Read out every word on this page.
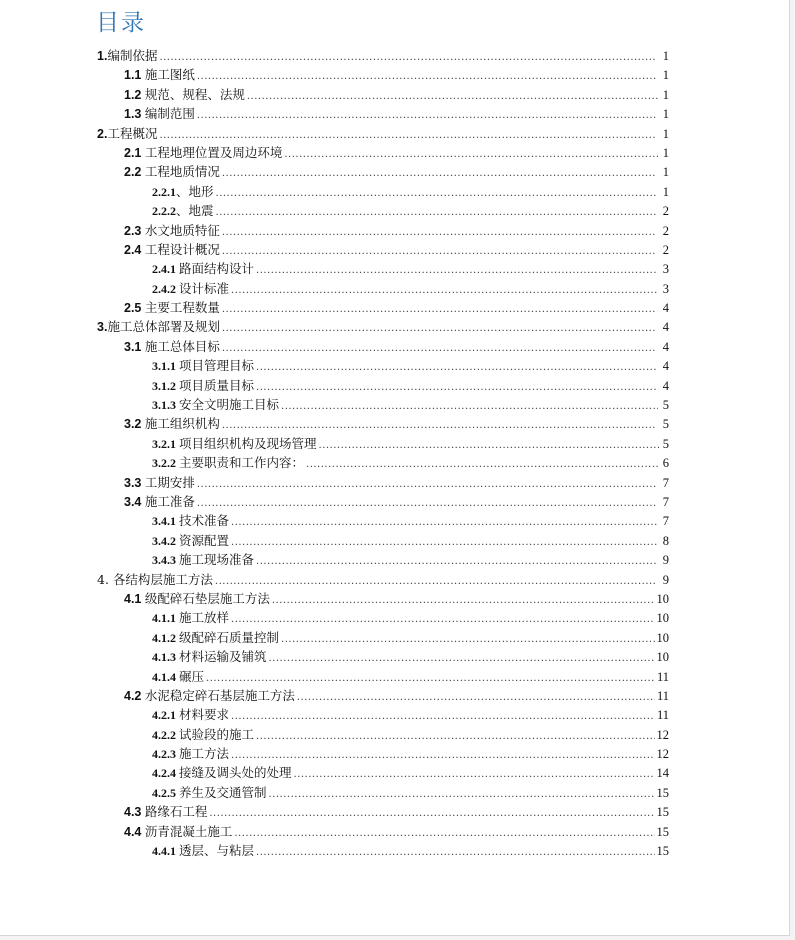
目录
1. 编制依据 .....	1
1.1 施工图纸 .....	1
1.2 规范、规程、法规 .....	1
1.3 编制范围 .....	1
2. 工程概况 .....	1
2.1 工程地理位置及周边环境 .....	1
2.2 工程地质情况 .....	1
2.2.1 、地形 .....	1
2.2.2 、地震 .....	2
2.3 水文地质特征 .....	2
2.4 工程设计概况 .....	2
2.4.1 路面结构设计 .....	3
2.4.2 设计标准 .....	3
2.5 主要工程数量 .....	4
3. 施工总体部署及规划 .....	4
3.1 施工总体目标 .....	4
3.1.1 项目管理目标 .....	4
3.1.2 项目质量目标 .....	4
3.1.3 安全文明施工目标 .....	5
3.2 施工组织机构 .....	5
3.2.1 项目组织机构及现场管理 .....	5
3.2.2 主要职责和工作内容： .....	6
3.3 工期安排 .....	7
3.4 施工准备 .....	7
3.4.1 技术准备 .....	7
3.4.2 资源配置 .....	8
3.4.3 施工现场准备 .....	9
4. 各结构层施工方法 .....	9
4.1 级配碎石垫层施工方法 .....	10
4.1.1 施工放样 .....	10
4.1.2 级配碎石质量控制 .....	10
4.1.3 材料运输及铺筑 .....	10
4.1.4 碾压 .....	11
4.2 水泥稳定碎石基层施工方法 .....	11
4.2.1 材料要求 .....	11
4.2.2 试验段的施工 .....	12
4.2.3 施工方法 .....	12
4.2.4 接缝及调头处的处理 .....	14
4.2.5 养生及交通管制 .....	15
4.3 路缘石工程 .....	15
4.4 沥青混凝土施工 .....	15
4.4.1 透层、与粘层 .....	15
